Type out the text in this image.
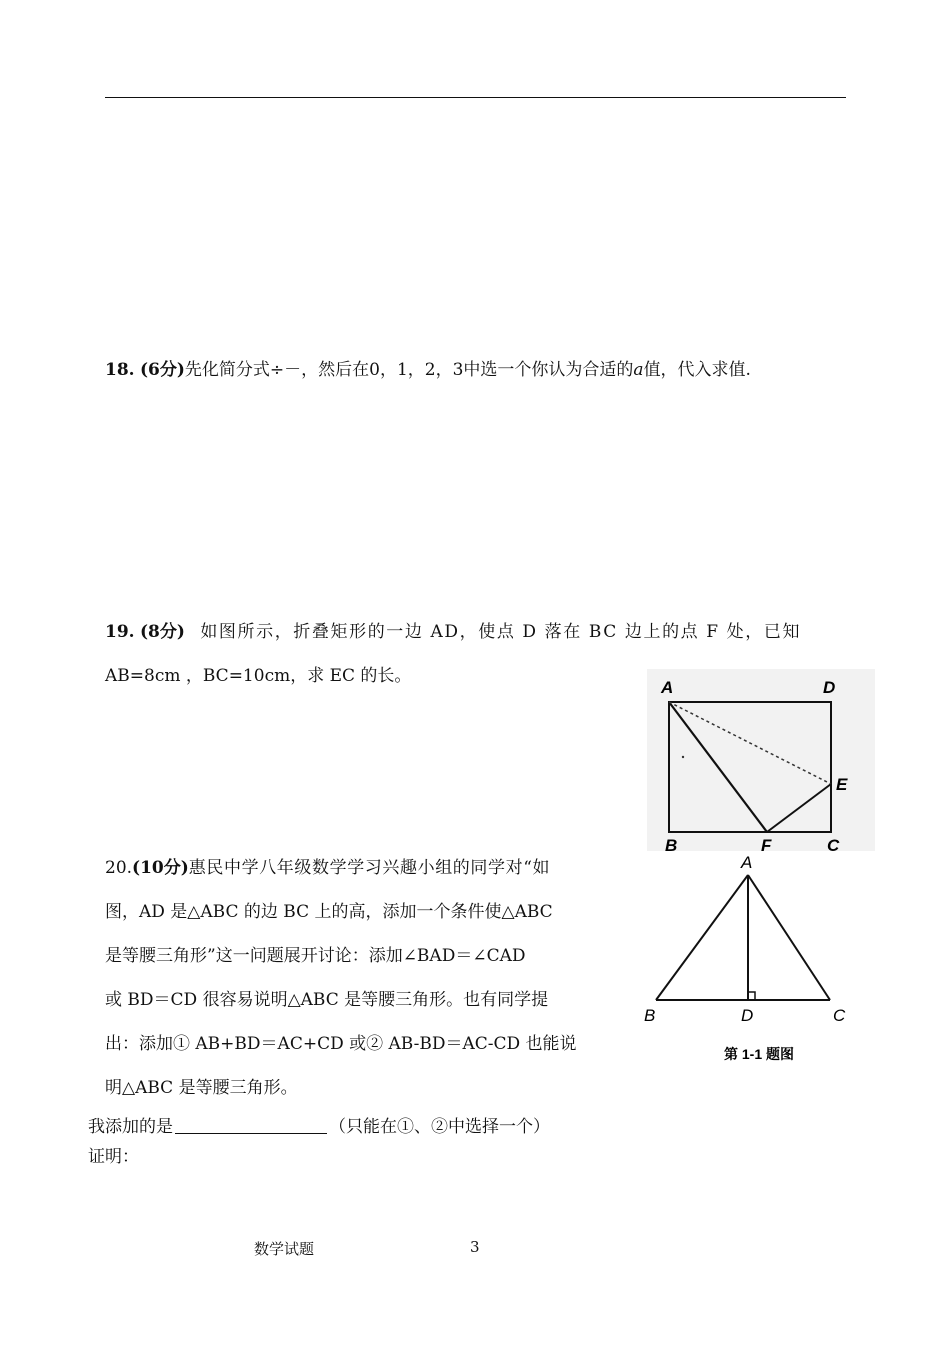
18. (6分)先化简分式÷－，然后在0，1，2，3中选一个你认为合适的a值，代入求值.
19. (8分) 如图所示，折叠矩形的一边 AD，使点 D 落在 BC 边上的点 F 处，已知
AB=8cm ，BC=10cm，求 EC 的长。
A	D
E
B	F	C
20.(10分)惠民中学八年级数学学习兴趣小组的同学对“如
图，AD 是△ABC 的边 BC 上的高，添加一个条件使△ABC
是等腰三角形”这一问题展开讨论：添加∠BAD＝∠CAD
或 BD＝CD 很容易说明△ABC 是等腰三角形。也有同学提
出：添加① AB+BD＝AC+CD 或② AB-BD＝AC-CD 也能说
明△ABC 是等腰三角形。
我添加的是	（只能在①、②中选择一个）
证明：
A
B	D	C
第 1-1 题图
数学试题	3
